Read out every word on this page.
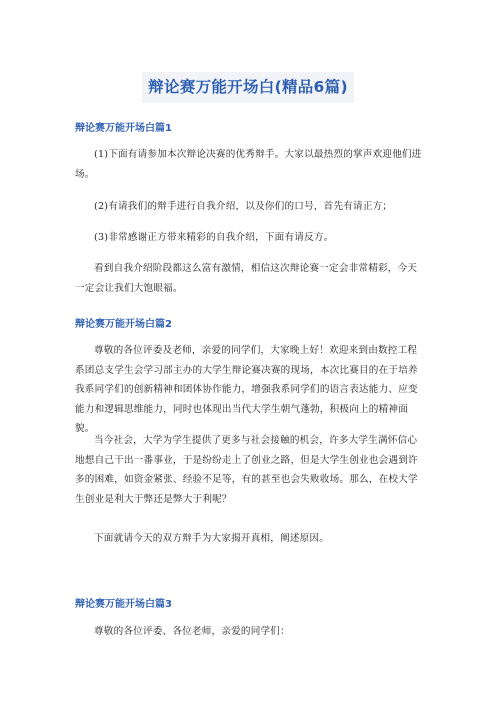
辩论赛万能开场白(精品6篇)
辩论赛万能开场白篇1
(1)下面有请参加本次辩论决赛的优秀辩手。大家以最热烈的掌声欢迎他们进场。
(2)有请我们的辩手进行自我介绍，以及你们的口号，首先有请正方；
(3)非常感谢正方带来精彩的自我介绍，下面有请反方。
看到自我介绍阶段都这么富有激情，相信这次辩论赛一定会非常精彩，今天一定会让我们大饱眼福。
辩论赛万能开场白篇2
尊敬的各位评委及老师，亲爱的同学们，大家晚上好！欢迎来到由数控工程系团总支学生会学习部主办的大学生辩论赛决赛的现场，本次比赛目的在于培养我系同学们的创新精神和团体协作能力，增强我系同学们的语言表达能力、应变能力和逻辑思维能力，同时也体现出当代大学生朝气蓬勃，积极向上的精神面貌。
当今社会，大学为学生提供了更多与社会接触的机会，许多大学生满怀信心地想自己干出一番事业，于是纷纷走上了创业之路，但是大学生创业也会遇到许多的困难，如资金紧张、经验不足等，有的甚至也会失败收场。那么，在校大学生创业是利大于弊还是弊大于利呢？
下面就请今天的双方辩手为大家揭开真相，阐述原因。
辩论赛万能开场白篇3
尊敬的各位评委、各位老师，亲爱的同学们：
